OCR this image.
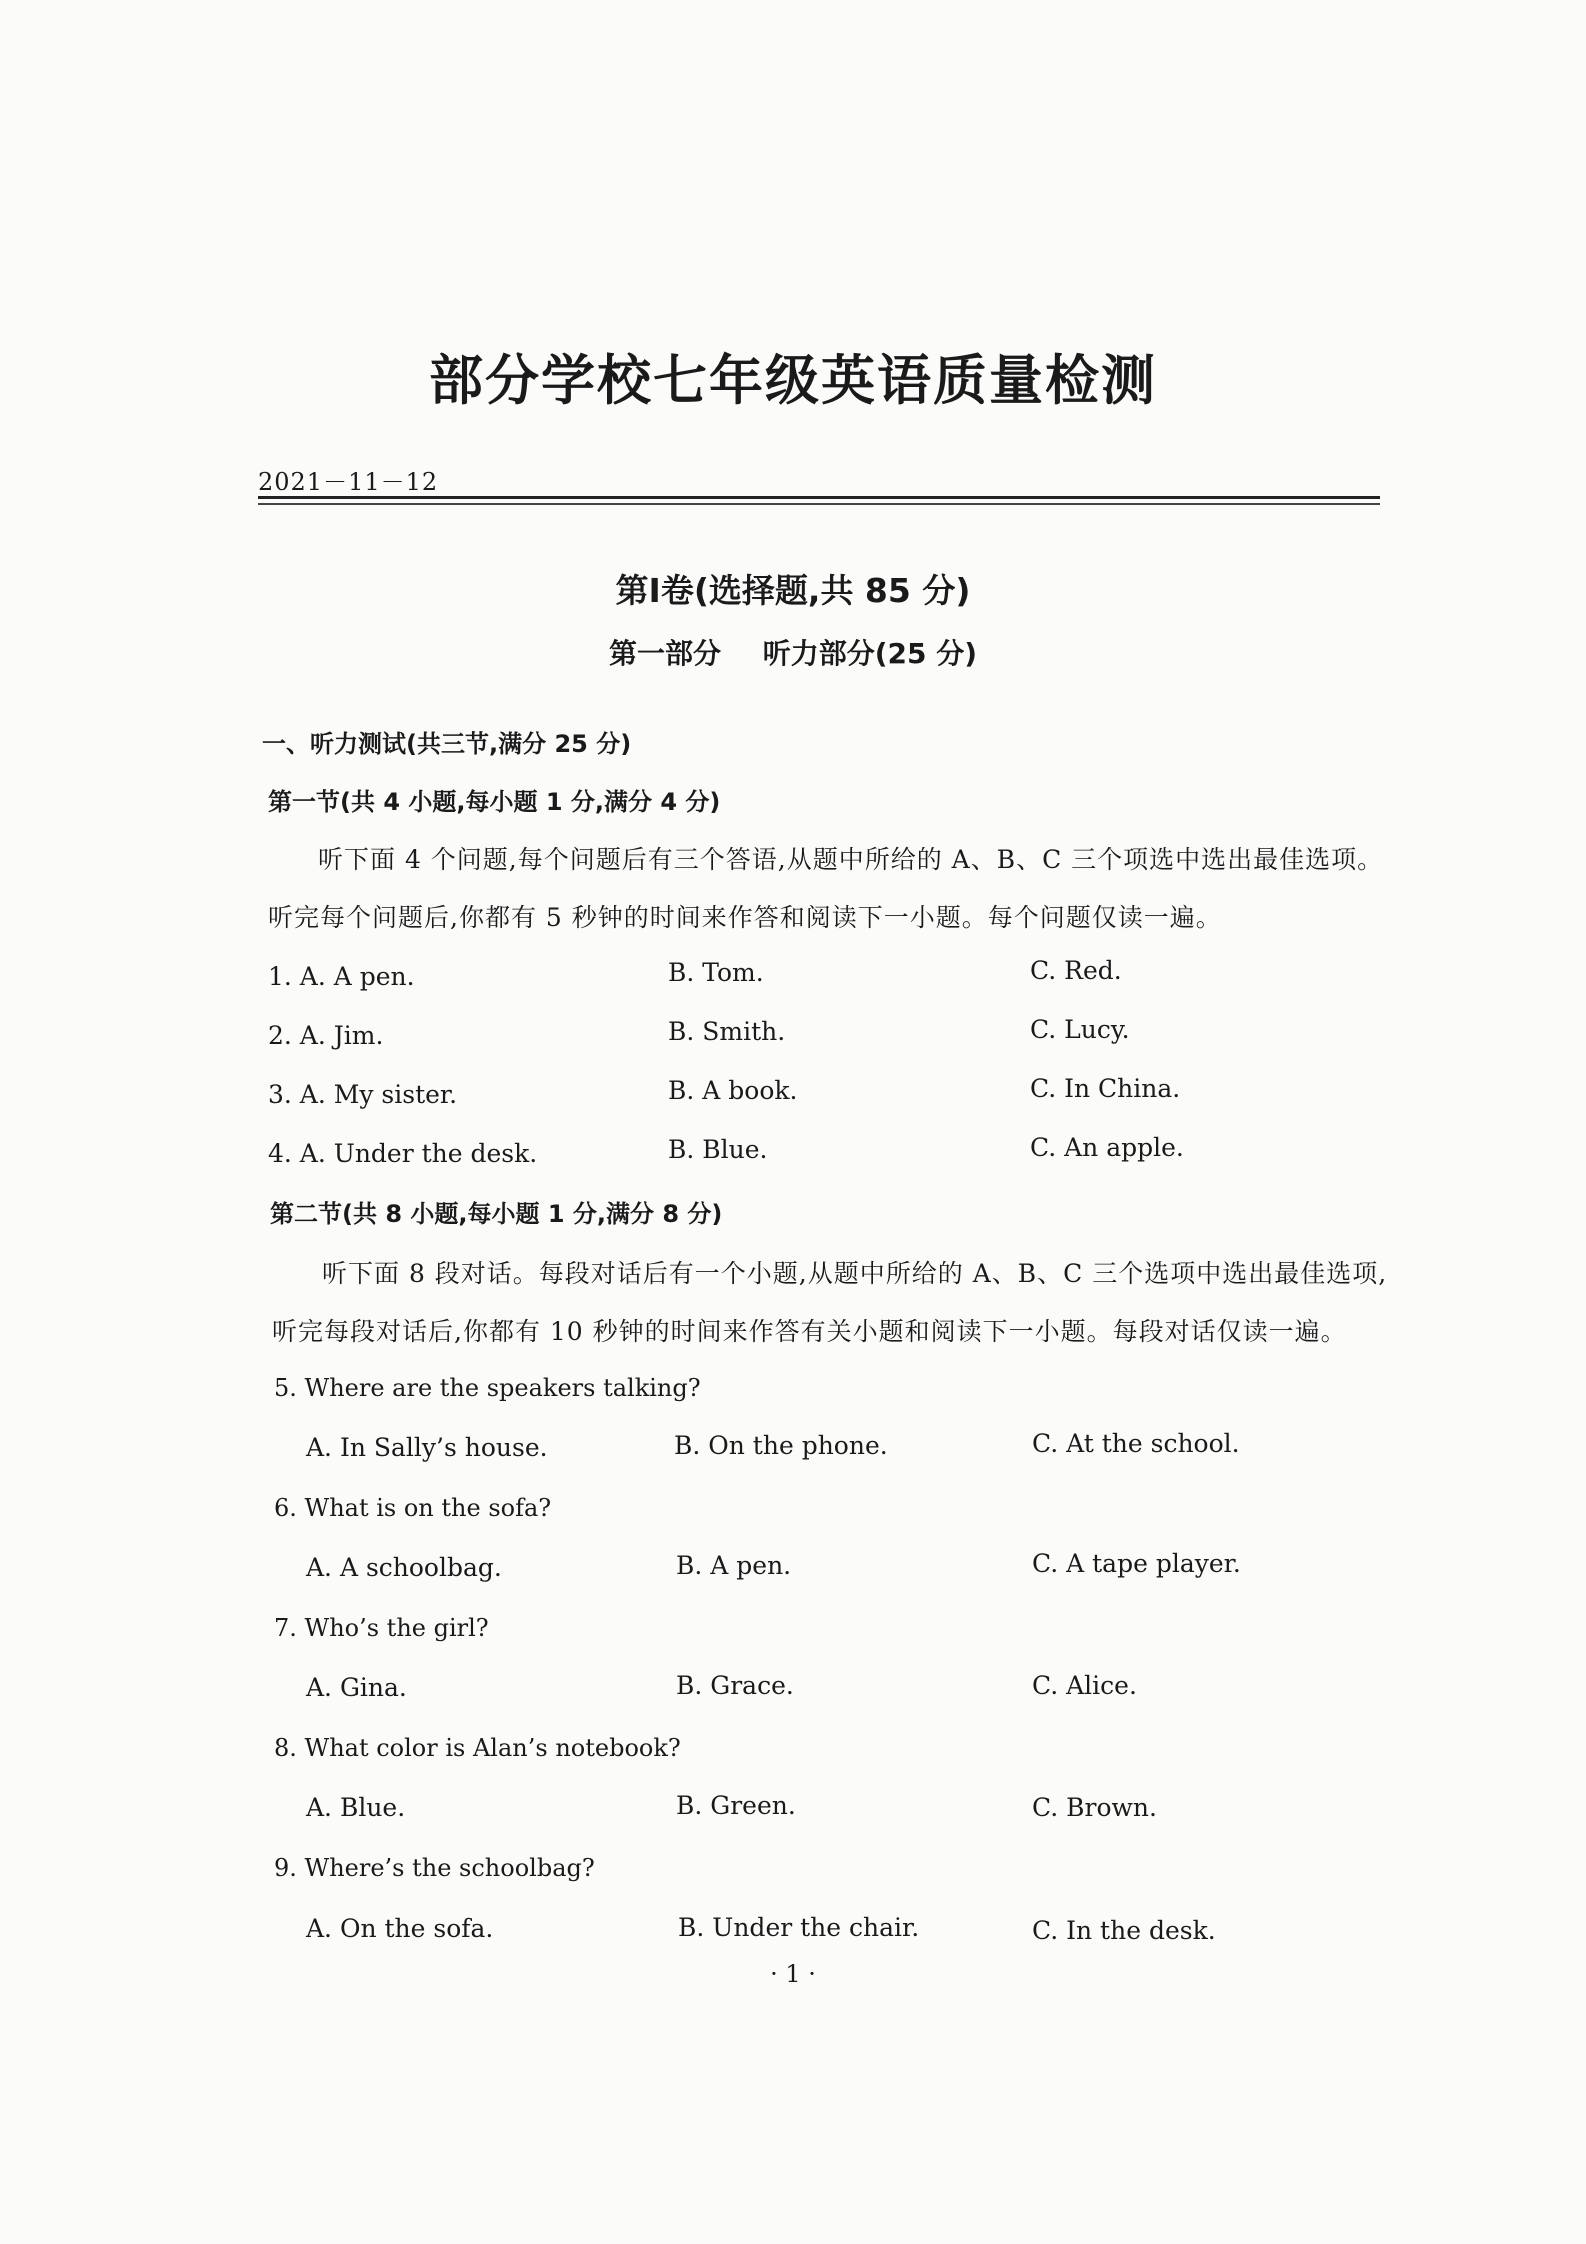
部分学校七年级英语质量检测
2021－11－12
第Ⅰ卷(选择题,共 85 分)
第一部分 听力部分(25 分)
一、听力测试(共三节,满分 25 分)
第一节(共 4 小题,每小题 1 分,满分 4 分)
听下面 4 个问题,每个问题后有三个答语,从题中所给的 A、B、C 三个项选中选出最佳选项。
听完每个问题后,你都有 5 秒钟的时间来作答和阅读下一小题。每个问题仅读一遍。
1. A. A pen.	B. Tom.	C. Red.
2. A. Jim.	B. Smith.	C. Lucy.
3. A. My sister.	B. A book.	C. In China.
4. A. Under the desk.	B. Blue.	C. An apple.
第二节(共 8 小题,每小题 1 分,满分 8 分)
听下面 8 段对话。每段对话后有一个小题,从题中所给的 A、B、C 三个选项中选出最佳选项,
听完每段对话后,你都有 10 秒钟的时间来作答有关小题和阅读下一小题。每段对话仅读一遍。
5. Where are the speakers talking?
A. In Sally’s house.	B. On the phone.	C. At the school.
6. What is on the sofa?
A. A schoolbag.	B. A pen.	C. A tape player.
7. Who’s the girl?
A. Gina.	B. Grace.	C. Alice.
8. What color is Alan’s notebook?
A. Blue.	B. Green.	C. Brown.
9. Where’s the schoolbag?
A. On the sofa.	B. Under the chair.	C. In the desk.
· 1 ·
